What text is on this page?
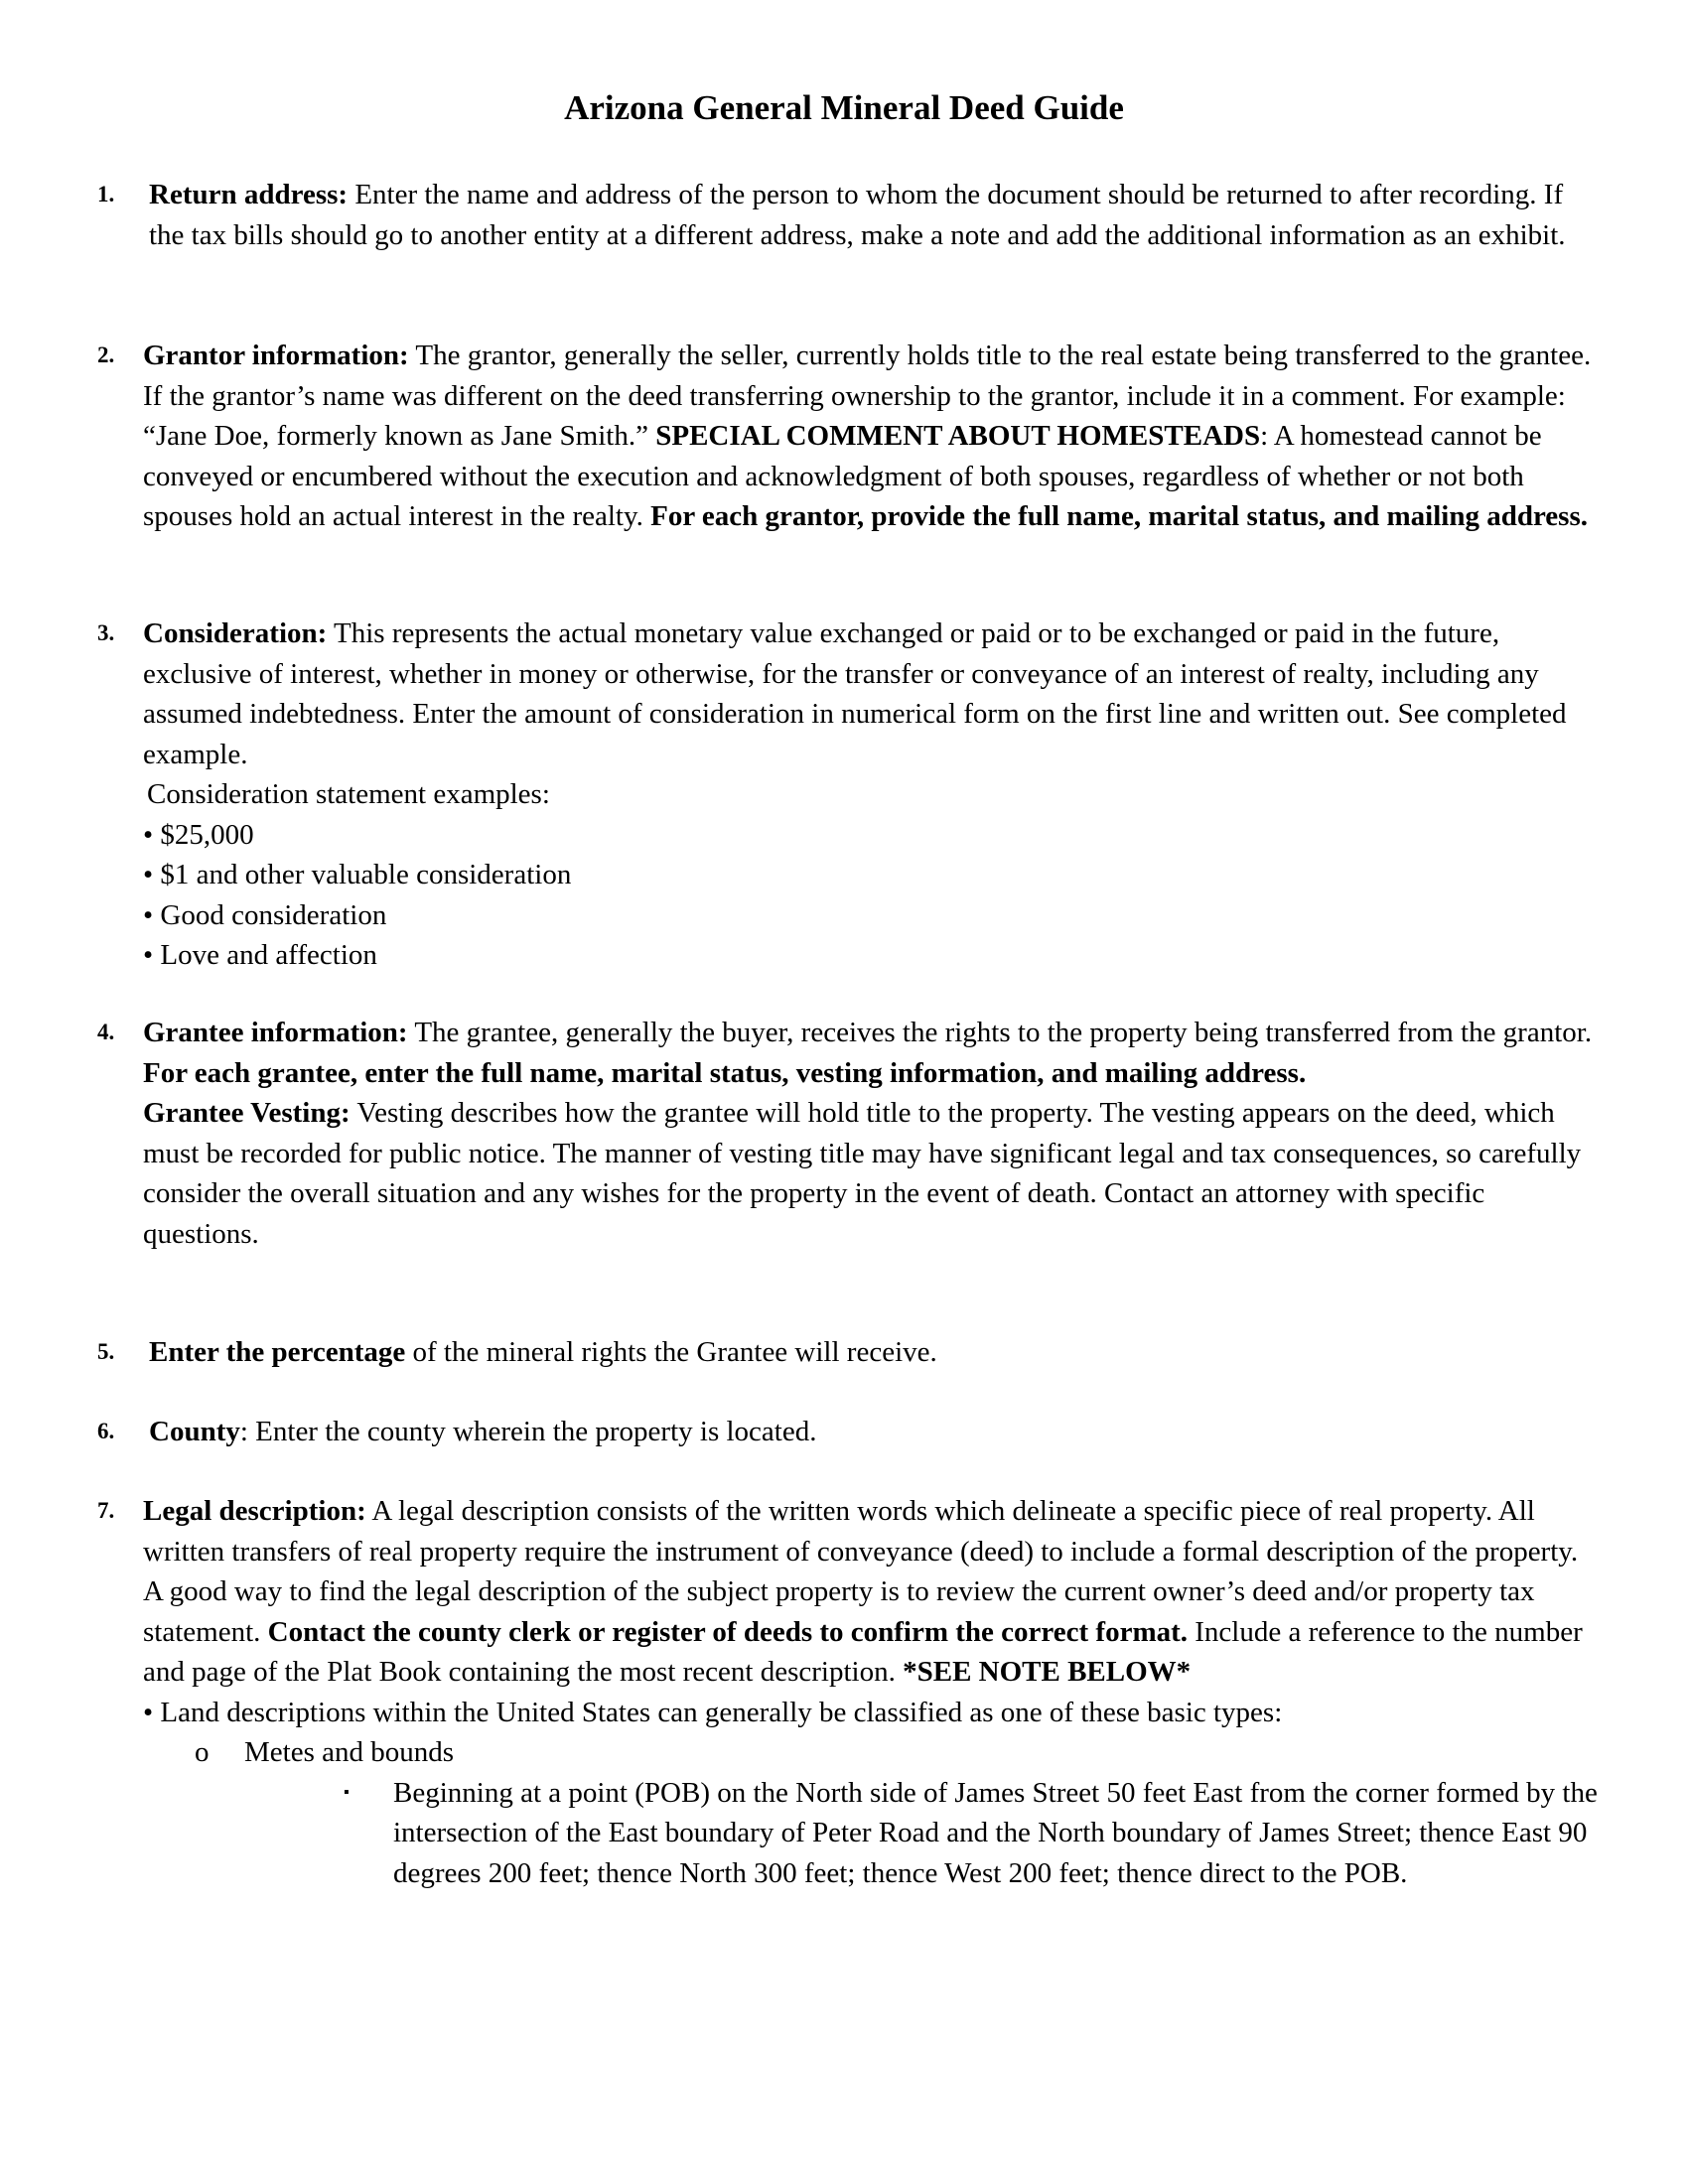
Arizona General Mineral Deed Guide
1.	Return address: Enter the name and address of the person to whom the document should be returned to after recording. If the tax bills should go to another entity at a different address, make a note and add the additional information as an exhibit.

2. Grantor information: The grantor, generally the seller, currently holds title to the real estate being transferred to the grantee. If the grantor’s name was different on the deed transferring ownership to the grantor, include it in a comment. For example: “Jane Doe, formerly known as Jane Smith.” SPECIAL COMMENT ABOUT HOMESTEADS: A homestead cannot be conveyed or encumbered without the execution and acknowledgment of both spouses, regardless of whether or not both spouses hold an actual interest in the realty. For each grantor, provide the full name, marital status, and mailing address.

3. Consideration: This represents the actual monetary value exchanged or paid or to be exchanged or paid in the future, exclusive of interest, whether in money or otherwise, for the transfer or conveyance of an interest of realty, including any assumed indebtedness. Enter the amount of consideration in numerical form on the first line and written out. See completed example.

Consideration statement examples:
• $25,000
• $1 and other valuable consideration
• Good consideration
• Love and affection
4. Grantee information: The grantee, generally the buyer, receives the rights to the property being transferred from the grantor. For each grantee, enter the full name, marital status, vesting information, and mailing address.

Grantee Vesting: Vesting describes how the grantee will hold title to the property. The vesting appears on the deed, which must be recorded for public notice. The manner of vesting title may have significant legal and tax consequences, so carefully consider the overall situation and any wishes for the property in the event of death. Contact an attorney with specific questions.

5.	Enter the percentage of the mineral rights the Grantee will receive.

6.	County: Enter the county wherein the property is located.

7. Legal description: A legal description consists of the written words which delineate a specific piece of real property. All written transfers of real property require the instrument of conveyance (deed) to include a formal description of the property. A good way to find the legal description of the subject property is to review the current owner’s deed and/or property tax statement. Contact the county clerk or register of deeds to confirm the correct format. Include a reference to the number and page of the Plat Book containing the most recent description. *SEE NOTE BELOW*

• Land descriptions within the United States can generally be classified as one of these basic types:
o Metes and bounds
▪	Beginning at a point (POB) on the North side of James Street 50 feet East from the corner formed by the intersection of the East boundary of Peter Road and the North boundary of James Street; thence East 90 degrees 200 feet; thence North 300 feet; thence West 200 feet; thence direct to the POB.
